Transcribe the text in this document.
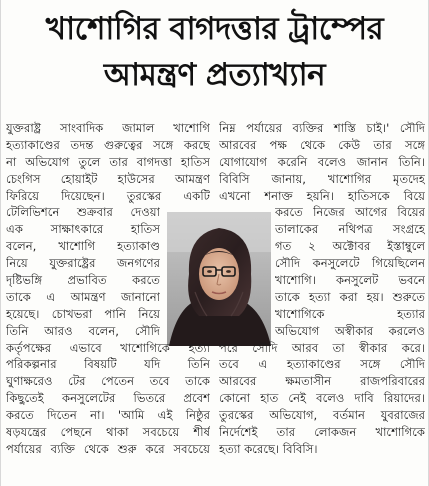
খাশোগির বাগদত্তার ট্রাম্পের
আমন্ত্রণ প্রত্যাখ্যান
যুক্তরাষ্ট্র সাংবাদিক জামাল খাশোগি
হত্যাকাণ্ডের তদন্ত গুরুত্বের সঙ্গে করছে
না অভিযোগ তুলে তার বাগদত্তা হাতিস
চেংগিস হোয়াইট হাউসের আমন্ত্রণ
ফিরিয়ে দিয়েছেন। তুরস্কের একটি
টেলিভিশনে শুক্রবার দেওয়া
এক সাক্ষাৎকারে হাতিস
বলেন, খাশোগি হত্যাকাণ্ড
নিয়ে যুক্তরাষ্ট্রের জনগণের
দৃষ্টিভঙ্গি প্রভাবিত করতে
তাকে এ আমন্ত্রণ জানানো
হয়েছে। চোখভরা পানি নিয়ে
তিনি আরও বলেন, সৌদি
কর্তৃপক্ষের এভাবে খাশোগিকে হত্যা
পরিকল্পনার বিষয়টি যদি তিনি
ঘুণাক্ষরেও টের পেতেন তবে তাকে
কিছুতেই কনসুলেটের ভিতরে প্রবেশ
করতে দিতেন না। 'আমি এই নিষ্ঠুর
ষড়যন্ত্রের পেছনে থাকা সবচেয়ে শীর্ষ
পর্যায়ের ব্যক্তি থেকে শুরু করে সবচেয়ে
নিম্ন পর্যায়ের ব্যক্তির শাস্তি চাই।' সৌদি
আরবের পক্ষ থেকে কেউ তার সঙ্গে
যোগাযোগ করেনি বলেও জানান তিনি।
বিবিসি জানায়, খাশোগির মৃতদেহ
এখনো শনাক্ত হয়নি। হাতিসকে বিয়ে
করতে নিজের আগের বিয়ের
তালাকের নথিপত্র সংগ্রহে
গত ২ অক্টোবর ইস্তাম্বুলে
সৌদি কনসুলেটে গিয়েছিলেন
খাশোগি। কনসুলেট ভবনে
তাকে হত্যা করা হয়। শুরুতে
খাশোগিকে হত্যার
অভিযোগ অস্বীকার করলেও
পরে সৌদি আরব তা স্বীকার করে।
তবে এ হত্যাকাণ্ডের সঙ্গে সৌদি
আরবের ক্ষমতাসীন রাজপরিবারের
কোনো হাত নেই বলেও দাবি রিয়াদের।
তুরস্কের অভিযোগ, বর্তমান যুবরাজের
নির্দেশেই তার লোকজন খাশোগিকে
হত্যা করেছে। বিবিসি।
